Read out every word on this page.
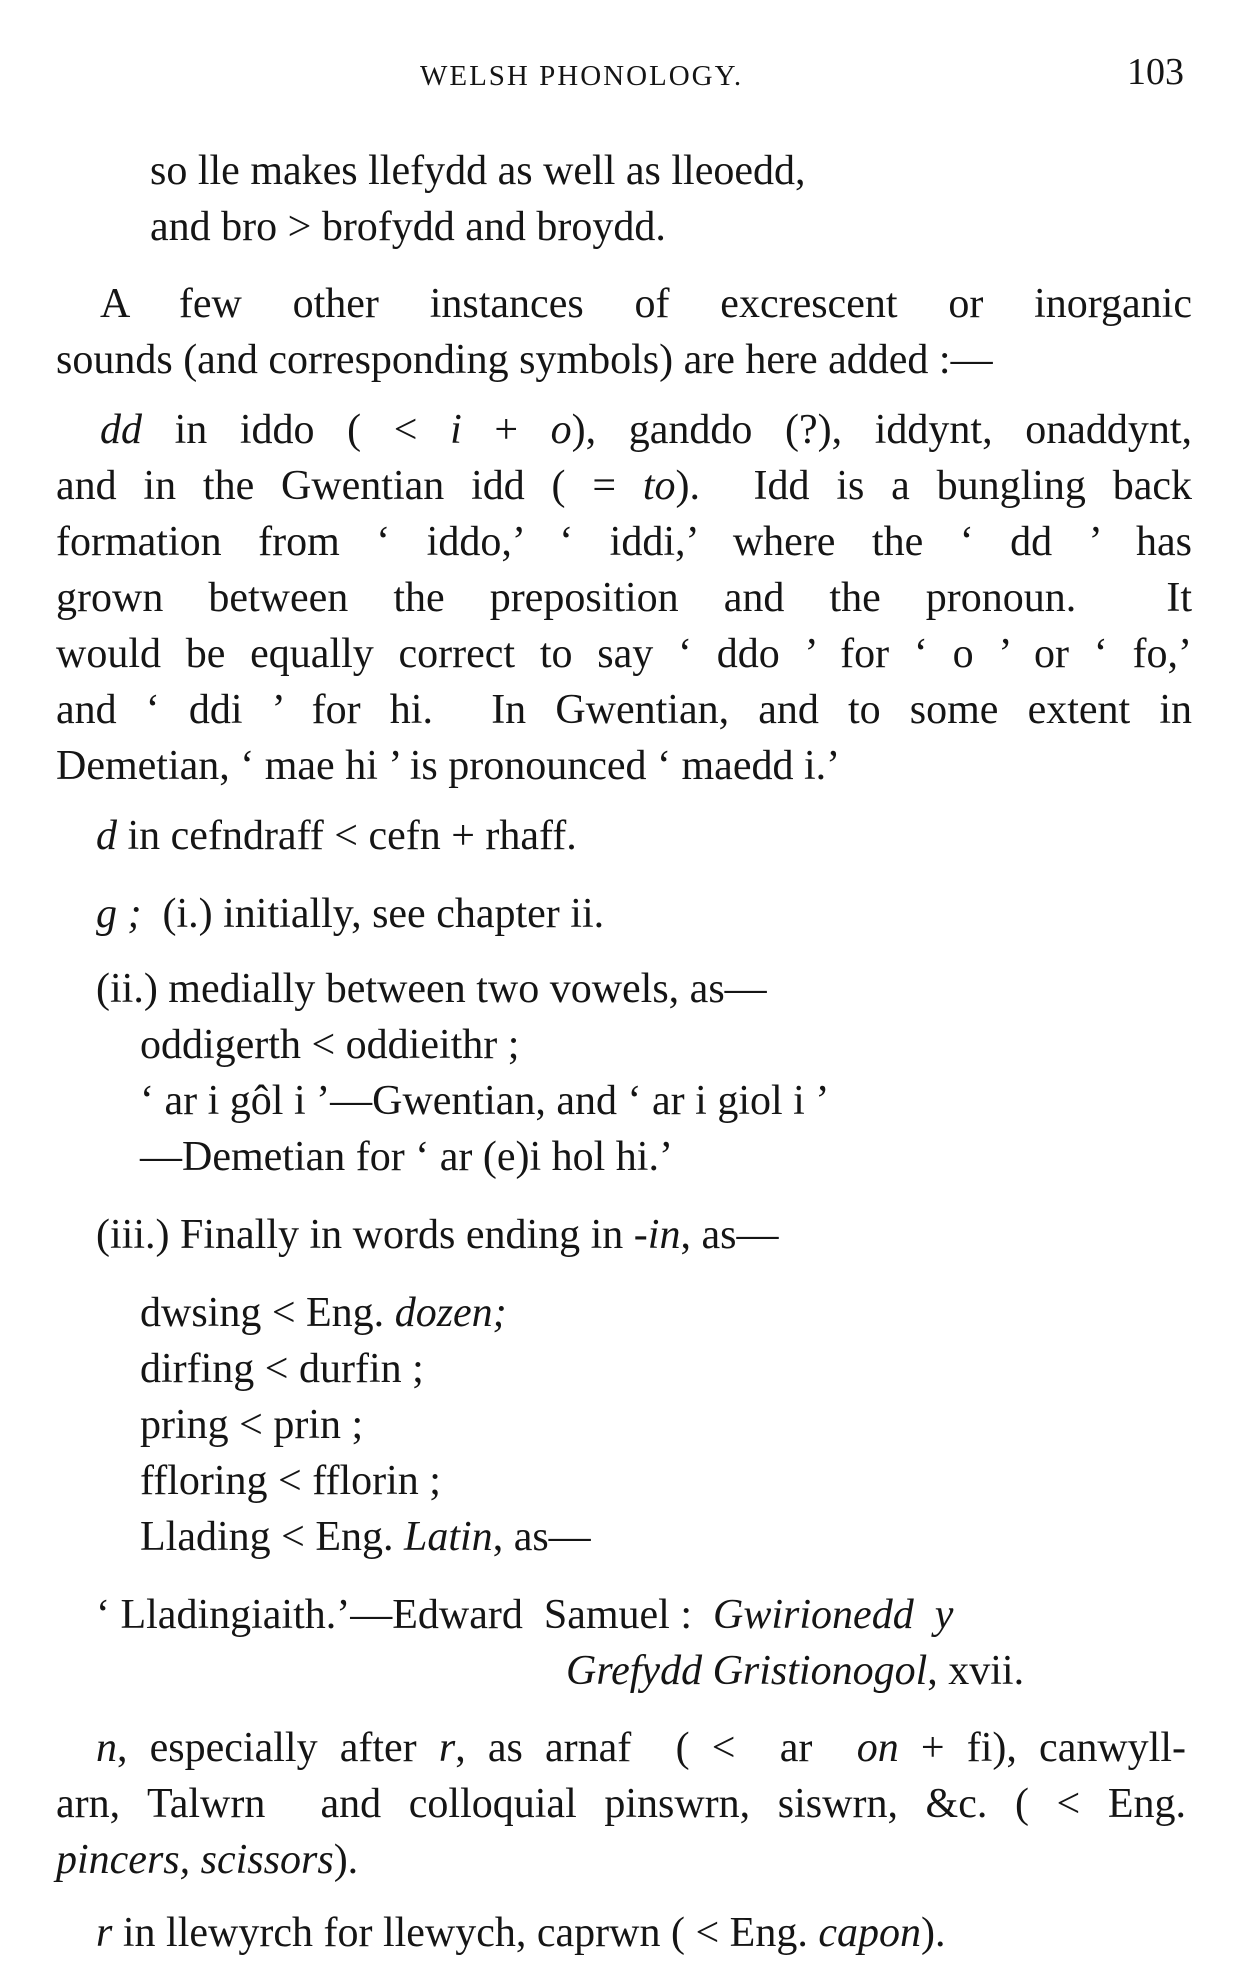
WELSH PHONOLOGY.	103
so lle makes llefydd as well as lleoedd,
and bro > brofydd and broydd.
A few other instances of excrescent or inorganic
sounds (and corresponding symbols) are here added :—
dd in iddo ( < i + o), ganddo (?), iddynt, onaddynt,
and in the Gwentian idd ( = to).  Idd is a bungling back
formation from ‘ iddo,’ ‘ iddi,’ where the ‘ dd ’ has
grown between the preposition and the pronoun.  It
would be equally correct to say ‘ ddo ’ for ‘ o ’ or ‘ fo,’
and ‘ ddi ’ for hi.  In Gwentian, and to some extent in
Demetian, ‘ mae hi ’ is pronounced ‘ maedd i.’
d in cefndraff < cefn + rhaff.
g ;  (i.) initially, see chapter ii.
(ii.) medially between two vowels, as—
oddigerth < oddieithr ;
‘ ar i gôl i ’—Gwentian, and ‘ ar i giol i ’
—Demetian for ‘ ar (e)i hol hi.’
(iii.) Finally in words ending in -in, as—
dwsing < Eng. dozen;
dirfing < durfin ;
pring < prin ;
ffloring < fflorin ;
Llading < Eng. Latin, as—
‘ Lladingiaith.’—Edward  Samuel :  Gwirionedd  y
Grefydd Gristionogol, xvii.
n, especially after r, as arnaf  ( <  ar  on + fi), canwyll-
arn, Talwrn  and colloquial pinswrn, siswrn, &c. ( < Eng.
pincers, scissors).
r in llewyrch for llewych, caprwn ( < Eng. capon).
